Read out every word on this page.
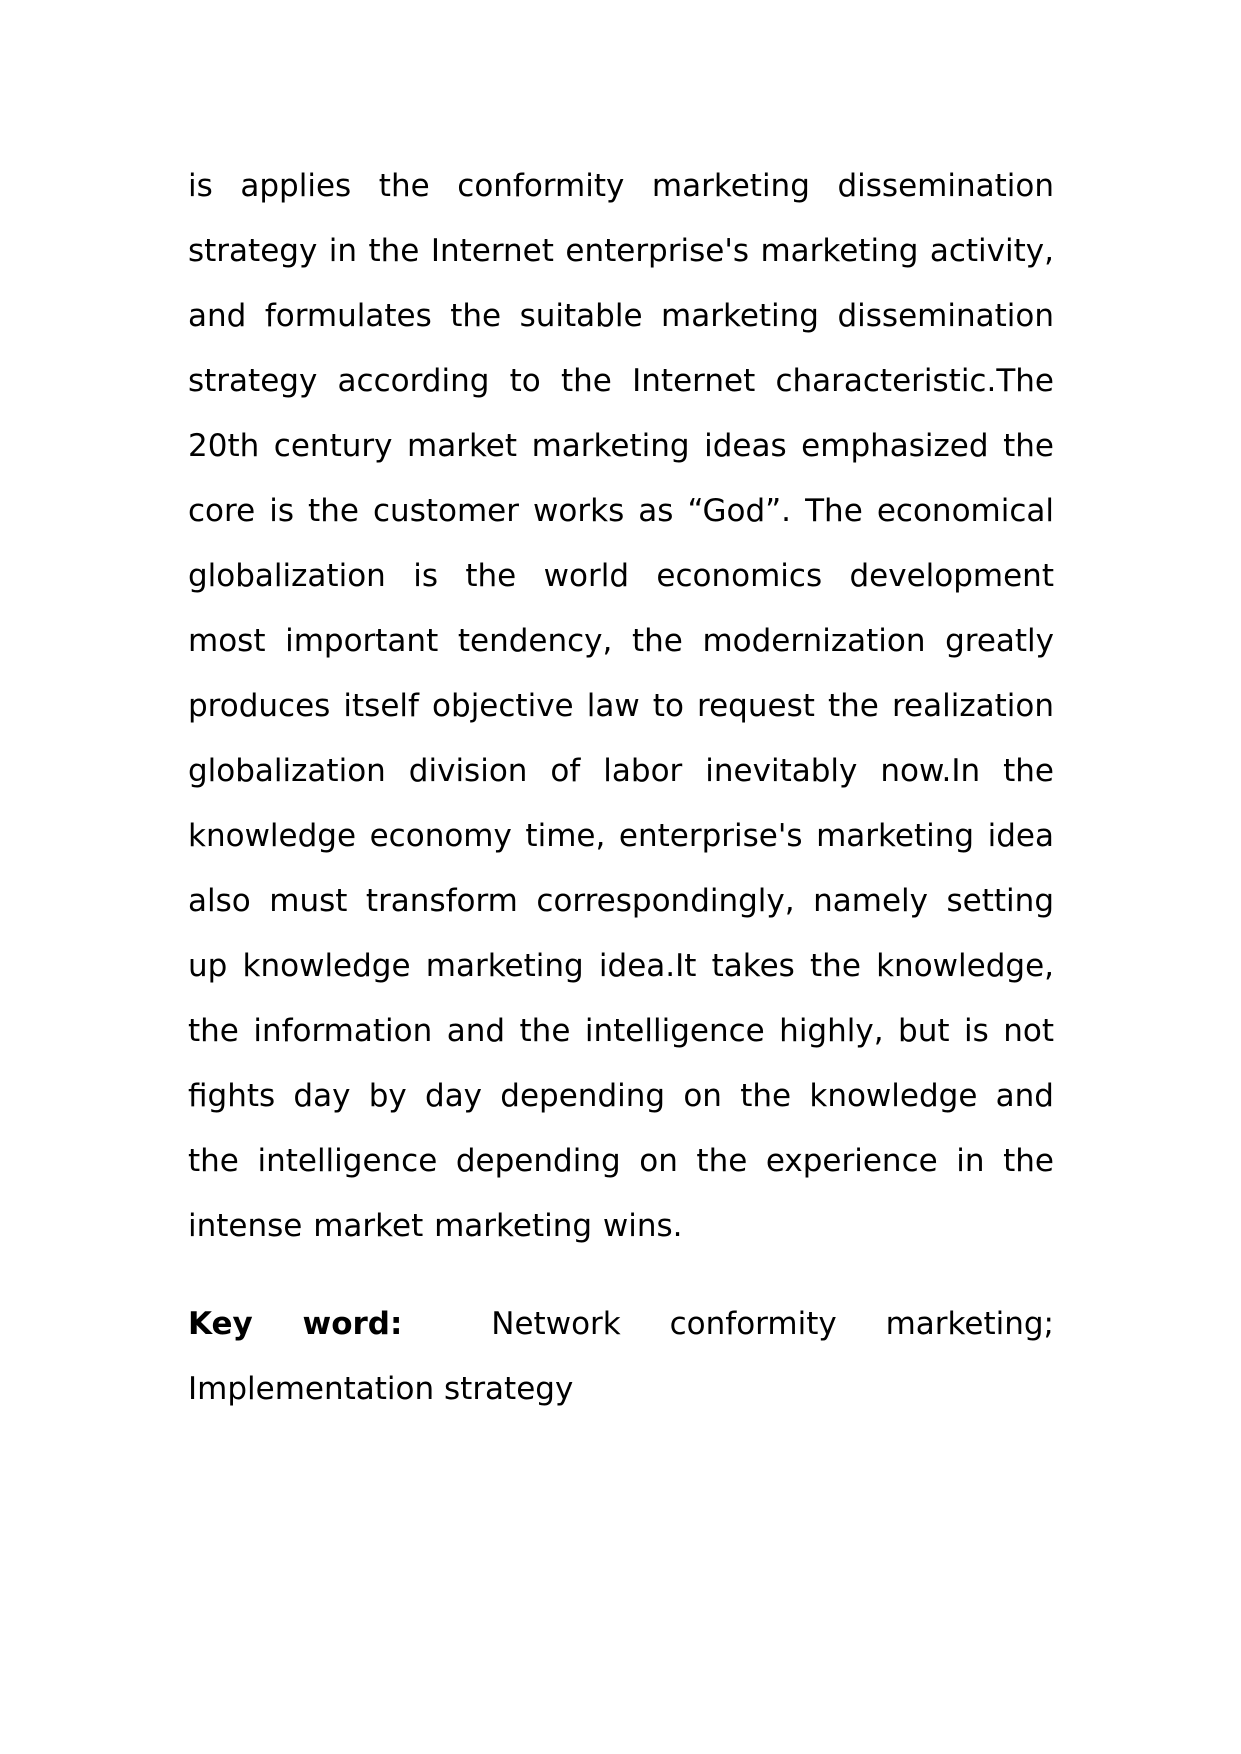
is applies the conformity marketing dissemination strategy in the Internet enterprise's marketing activity, and formulates the suitable marketing dissemination strategy according to the Internet characteristic.The 20th century market marketing ideas emphasized the core is the customer works as “God”. The economical globalization is the world economics development most important tendency, the modernization greatly produces itself objective law to request the realization globalization division of labor inevitably now.In the knowledge economy time, enterprise's marketing idea also must transform correspondingly, namely setting up knowledge marketing idea.It takes the knowledge, the information and the intelligence highly, but is not fights day by day depending on the knowledge and the intelligence depending on the experience in the intense market marketing wins.

Key word:	Network conformity marketing; Implementation strategy
